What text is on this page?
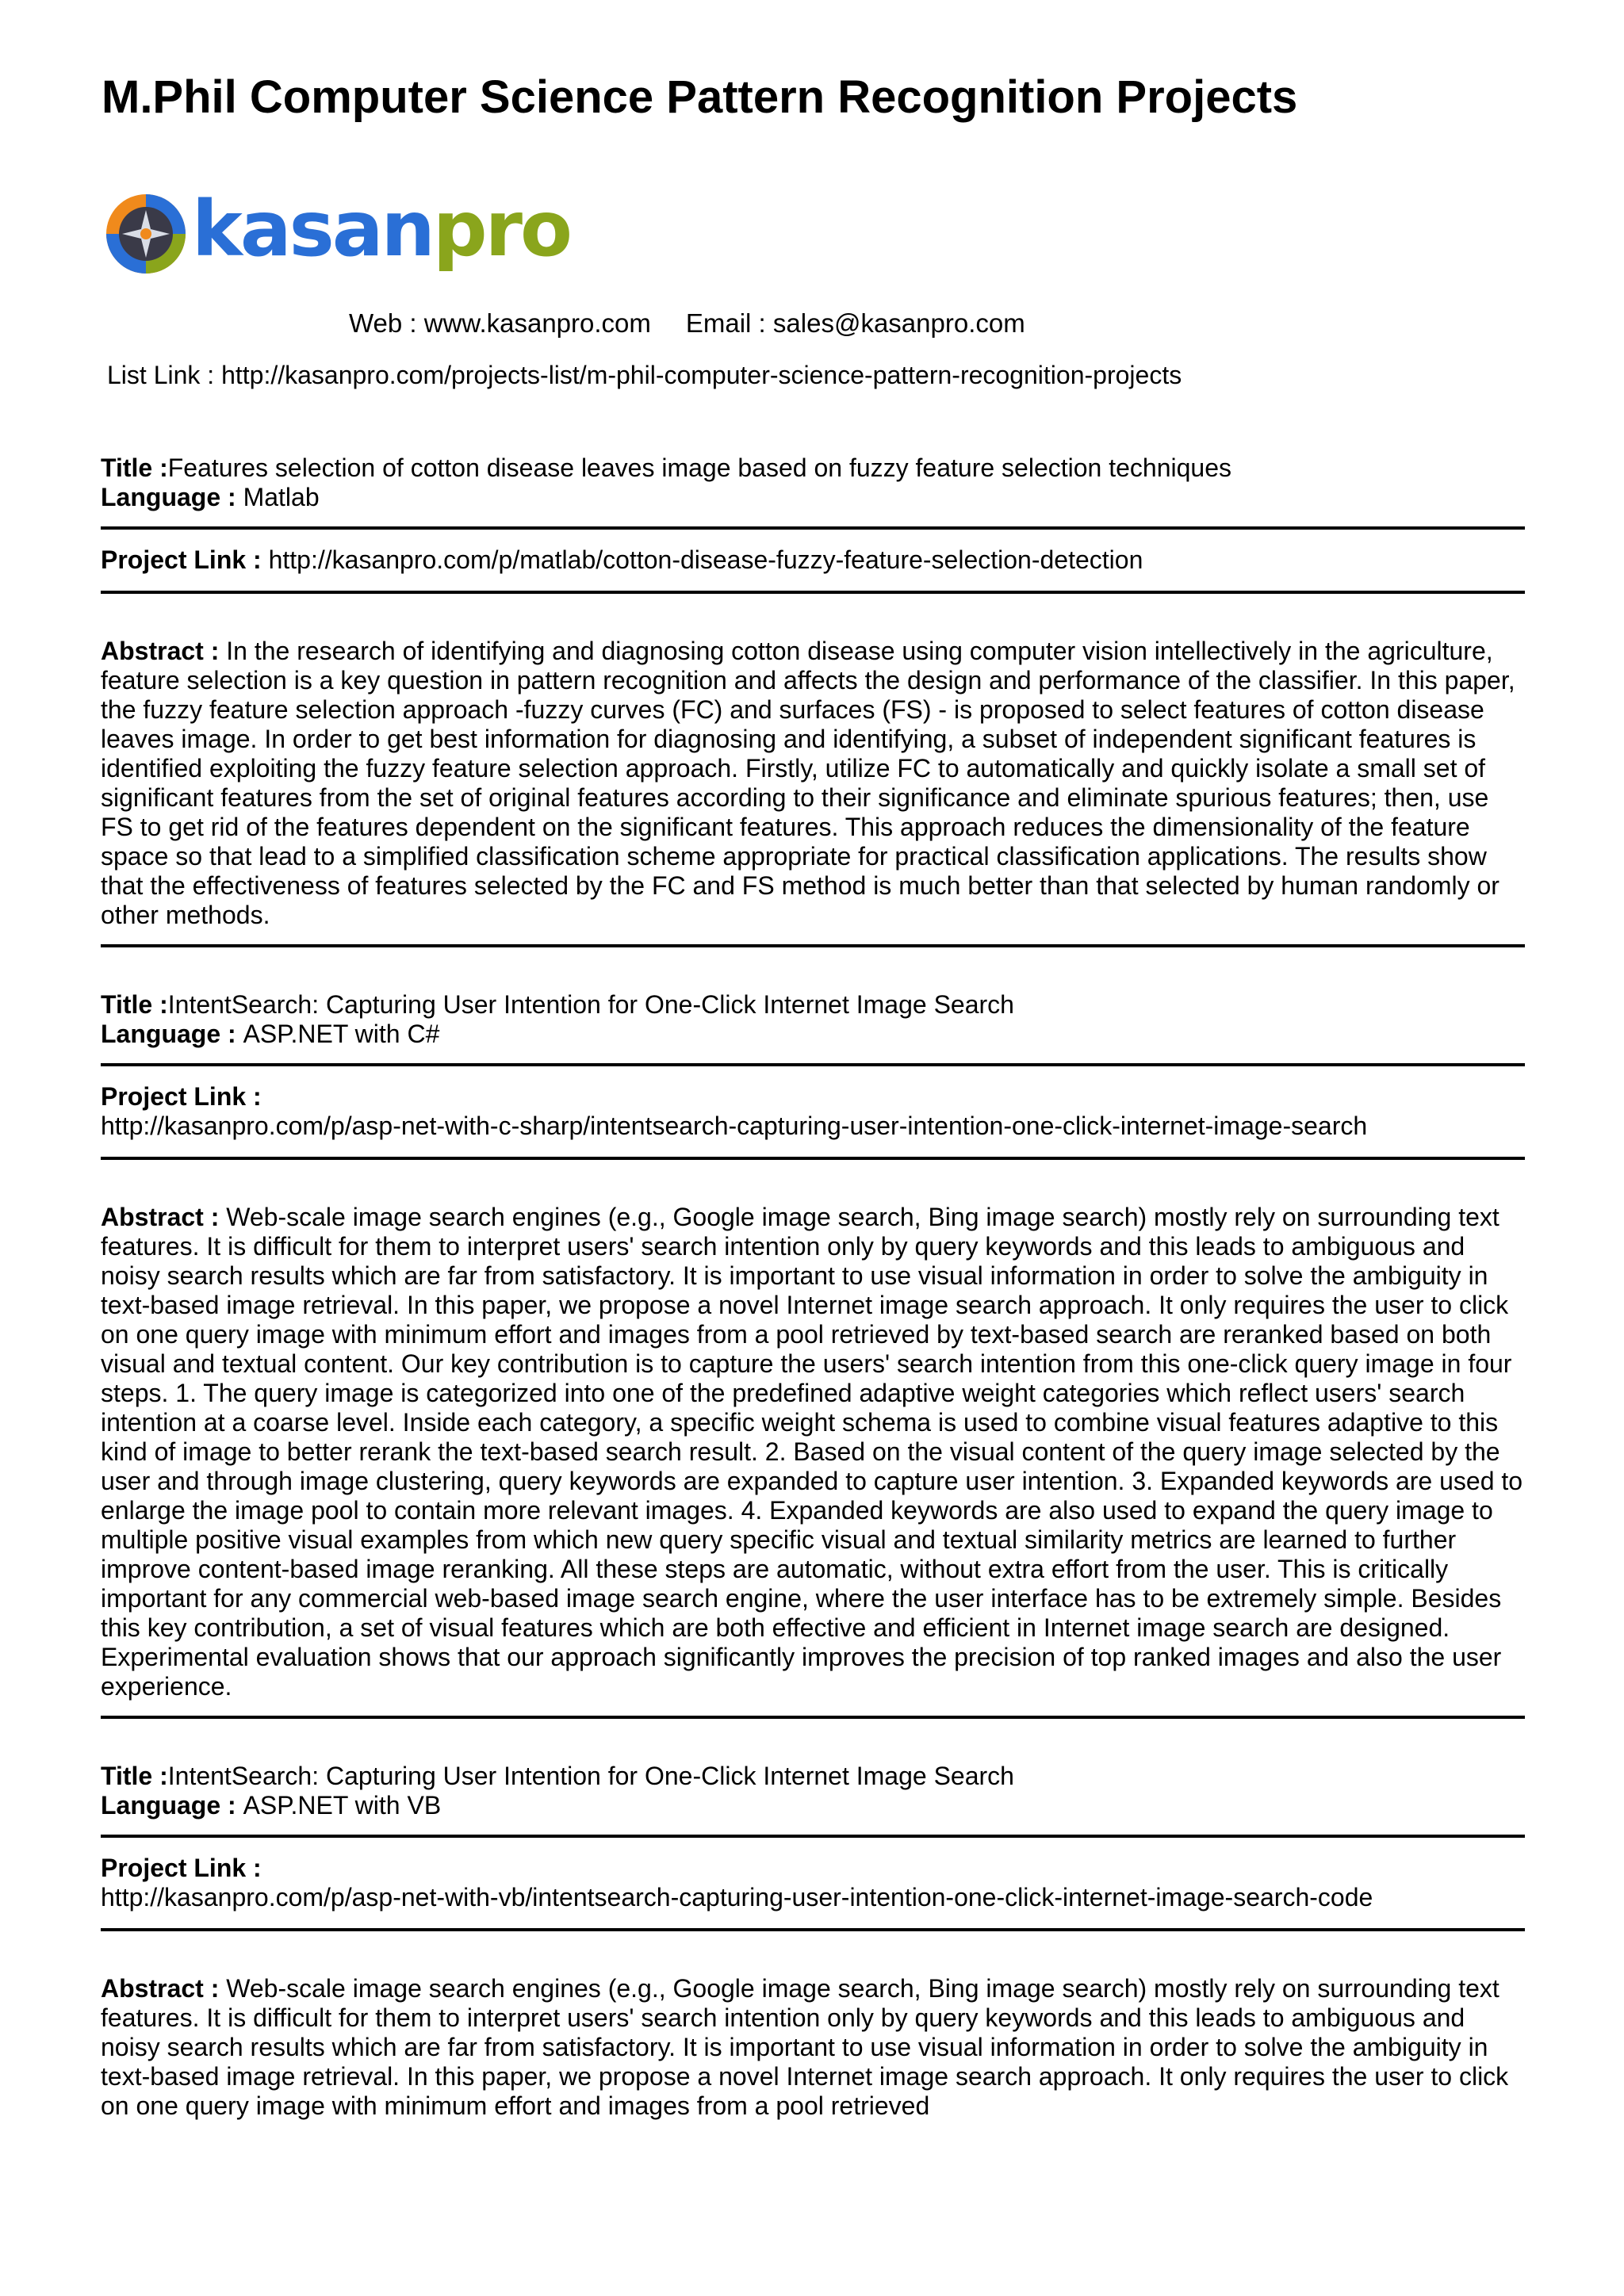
M.Phil Computer Science Pattern Recognition Projects
kasanpro
Web : www.kasanpro.com Email : sales@kasanpro.com
List Link : http://kasanpro.com/projects-list/m-phil-computer-science-pattern-recognition-projects
Title :Features selection of cotton disease leaves image based on fuzzy feature selection techniques
Language : Matlab
Project Link : http://kasanpro.com/p/matlab/cotton-disease-fuzzy-feature-selection-detection
Abstract : In the research of identifying and diagnosing cotton disease using computer vision intellectively in the agriculture, feature selection is a key question in pattern recognition and affects the design and performance of the classifier. In this paper, the fuzzy feature selection approach -fuzzy curves (FC) and surfaces (FS) - is proposed to select features of cotton disease leaves image. In order to get best information for diagnosing and identifying, a subset of independent significant features is identified exploiting the fuzzy feature selection approach. Firstly, utilize FC to automatically and quickly isolate a small set of significant features from the set of original features according to their significance and eliminate spurious features; then, use FS to get rid of the features dependent on the significant features. This approach reduces the dimensionality of the feature space so that lead to a simplified classification scheme appropriate for practical classification applications. The results show that the effectiveness of features selected by the FC and FS method is much better than that selected by human randomly or other methods.
Title :IntentSearch: Capturing User Intention for One-Click Internet Image Search
Language : ASP.NET with C#
Project Link :
http://kasanpro.com/p/asp-net-with-c-sharp/intentsearch-capturing-user-intention-one-click-internet-image-search
Abstract : Web-scale image search engines (e.g., Google image search, Bing image search) mostly rely on surrounding text features. It is difficult for them to interpret users' search intention only by query keywords and this leads to ambiguous and noisy search results which are far from satisfactory. It is important to use visual information in order to solve the ambiguity in text-based image retrieval. In this paper, we propose a novel Internet image search approach. It only requires the user to click on one query image with minimum effort and images from a pool retrieved by text-based search are reranked based on both visual and textual content. Our key contribution is to capture the users' search intention from this one-click query image in four steps. 1. The query image is categorized into one of the predefined adaptive weight categories which reflect users' search intention at a coarse level. Inside each category, a specific weight schema is used to combine visual features adaptive to this kind of image to better rerank the text-based search result. 2. Based on the visual content of the query image selected by the user and through image clustering, query keywords are expanded to capture user intention. 3. Expanded keywords are used to enlarge the image pool to contain more relevant images. 4. Expanded keywords are also used to expand the query image to multiple positive visual examples from which new query specific visual and textual similarity metrics are learned to further improve content-based image reranking. All these steps are automatic, without extra effort from the user. This is critically important for any commercial web-based image search engine, where the user interface has to be extremely simple. Besides this key contribution, a set of visual features which are both effective and efficient in Internet image search are designed. Experimental evaluation shows that our approach significantly improves the precision of top ranked images and also the user experience.
Title :IntentSearch: Capturing User Intention for One-Click Internet Image Search
Language : ASP.NET with VB
Project Link :
http://kasanpro.com/p/asp-net-with-vb/intentsearch-capturing-user-intention-one-click-internet-image-search-code
Abstract : Web-scale image search engines (e.g., Google image search, Bing image search) mostly rely on surrounding text features. It is difficult for them to interpret users' search intention only by query keywords and this leads to ambiguous and noisy search results which are far from satisfactory. It is important to use visual information in order to solve the ambiguity in text-based image retrieval. In this paper, we propose a novel Internet image search approach. It only requires the user to click on one query image with minimum effort and images from a pool retrieved
